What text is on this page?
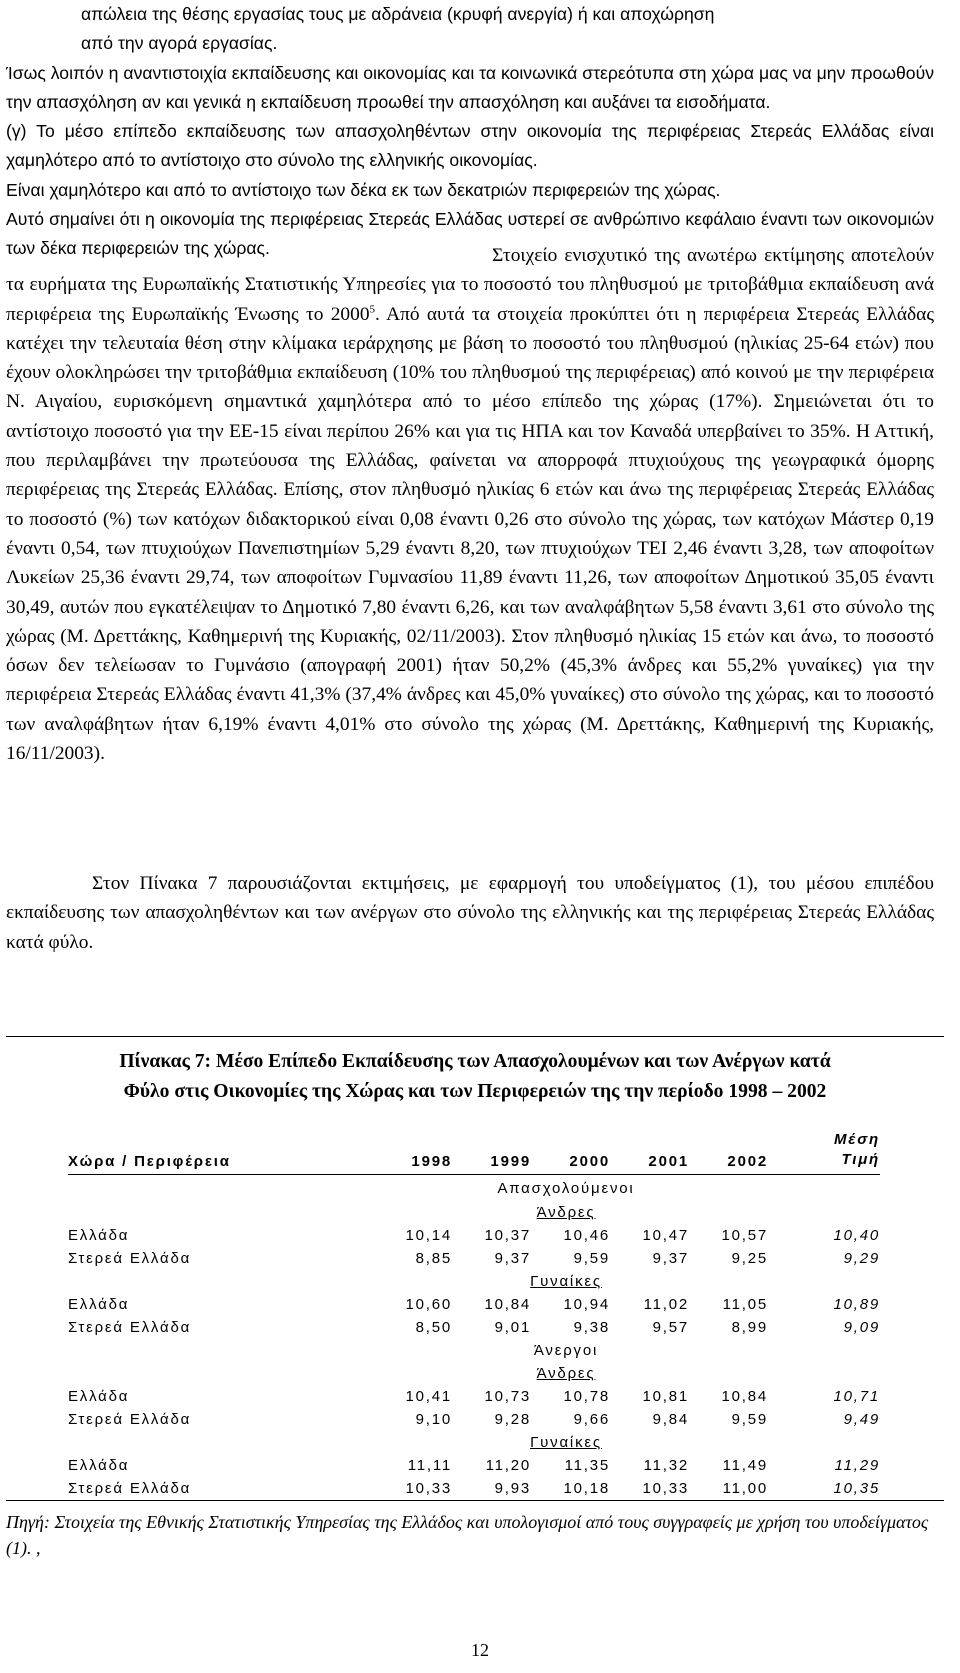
απώλεια της θέσης εργασίας τους με αδράνεια (κρυφή ανεργία) ή και αποχώρηση
από την αγορά εργασίας.
Ίσως λοιπόν η αναντιστοιχία εκπαίδευσης και οικονομίας και τα κοινωνικά στερεότυπα στη χώρα μας να μην προωθούν την απασχόληση αν και γενικά η εκπαίδευση προωθεί την απασχόληση και αυξάνει τα εισοδήματα.
(γ) Το μέσο επίπεδο εκπαίδευσης των απασχοληθέντων στην οικονομία της περιφέρειας Στερεάς Ελλάδας είναι χαμηλότερο από το αντίστοιχο στο σύνολο της ελληνικής οικονομίας.
Είναι χαμηλότερο και από το αντίστοιχο των δέκα εκ των δεκατριών περιφερειών της χώρας.
Αυτό σημαίνει ότι η οικονομία της περιφέρειας Στερεάς Ελλάδας υστερεί σε ανθρώπινο κεφάλαιο έναντι των οικονομιών των δέκα περιφερειών της χώρας.	Στοιχείο ενισχυτικό της ανωτέρω εκτίμησης αποτελούν τα ευρήματα της Ευρωπαϊκής Στατιστικής Υπηρεσίες για το ποσοστό του πληθυσμού με τριτοβάθμια εκπαίδευση ανά περιφέρεια της Ευρωπαϊκής Ένωσης το 2000$^5$. Από αυτά τα στοιχεία προκύπτει ότι η περιφέρεια Στερεάς Ελλάδας κατέχει την τελευταία θέση στην κλίμακα ιεράρχησης με βάση το ποσοστό του πληθυσμού (ηλικίας 25-64 ετών) που έχουν ολοκληρώσει την τριτοβάθμια εκπαίδευση (10% του πληθυσμού της περιφέρειας) από κοινού με την περιφέρεια Ν. Αιγαίου, ευρισκόμενη σημαντικά χαμηλότερα από το μέσο επίπεδο της χώρας (17%). Σημειώνεται ότι το αντίστοιχο ποσοστό για την ΕΕ-15 είναι περίπου 26% και για τις ΗΠΑ και τον Καναδά υπερβαίνει το 35%. Η Αττική, που περιλαμβάνει την πρωτεύουσα της Ελλάδας, φαίνεται να απορροφά πτυχιούχους της γεωγραφικά όμορης περιφέρειας της Στερεάς Ελλάδας. Επίσης, στον πληθυσμό ηλικίας 6 ετών και άνω της περιφέρειας Στερεάς Ελλάδας το ποσοστό (%) των κατόχων διδακτορικού είναι 0,08 έναντι 0,26 στο σύνολο της χώρας, των κατόχων Μάστερ 0,19 έναντι 0,54, των πτυχιούχων Πανεπιστημίων 5,29 έναντι 8,20, των πτυχιούχων ΤΕΙ 2,46 έναντι 3,28, των αποφοίτων Λυκείων 25,36 έναντι 29,74, των αποφοίτων Γυμνασίου 11,89 έναντι 11,26, των αποφοίτων Δημοτικού 35,05 έναντι 30,49, αυτών που εγκατέλειψαν το Δημοτικό 7,80 έναντι 6,26, και των αναλφάβητων 5,58 έναντι 3,61 στο σύνολο της χώρας (Μ. Δρεττάκης, Καθημερινή της Κυριακής, 02/11/2003). Στον πληθυσμό ηλικίας 15 ετών και άνω, το ποσοστό όσων δεν τελείωσαν το Γυμνάσιο (απογραφή 2001) ήταν 50,2% (45,3% άνδρες και 55,2% γυναίκες) για την περιφέρεια Στερεάς Ελλάδας έναντι 41,3% (37,4% άνδρες και 45,0% γυναίκες) στο σύνολο της χώρας, και το ποσοστό των αναλφάβητων ήταν 6,19% έναντι 4,01% στο σύνολο της χώρας (Μ. Δρεττάκης, Καθημερινή της Κυριακής, 16/11/2003).
Στον Πίνακα 7 παρουσιάζονται εκτιμήσεις, με εφαρμογή του υποδείγματος (1), του μέσου επιπέδου εκπαίδευσης των απασχοληθέντων και των ανέργων στο σύνολο της ελληνικής και της περιφέρειας Στερεάς Ελλάδας κατά φύλο.
Πίνακας 7: Μέσο Επίπεδο Εκπαίδευσης των Απασχολουμένων και των Ανέργων κατά
Φύλο στις Οικονομίες της Χώρας και των Περιφερειών της την περίοδο 1998 – 2002
Χώρα / Περιφέρεια	1998	1999	2000	2001	2002	Μέση
Τιμή

Απασχολούμενοι						
Άνδρες						
Ελλάδα	10,14	10,37	10,46	10,47	10,57	10,40
Στερεά Ελλάδα	8,85	9,37	9,59	9,37	9,25	9,29
Γυναίκες						
Ελλάδα	10,60	10,84	10,94	11,02	11,05	10,89
Στερεά Ελλάδα	8,50	9,01	9,38	9,57	8,99	9,09
Άνεργοι						
Άνδρες						
Ελλάδα	10,41	10,73	10,78	10,81	10,84	10,71
Στερεά Ελλάδα	9,10	9,28	9,66	9,84	9,59	9,49
Γυναίκες						
Ελλάδα	11,11	11,20	11,35	11,32	11,49	11,29
Στερεά Ελλάδα	10,33	9,93	10,18	10,33	11,00	10,35
Πηγή: Στοιχεία της Εθνικής Στατιστικής Υπηρεσίας της Ελλάδος και υπολογισμοί από τους συγγραφείς με χρήση του υποδείγματος (1). ,
12
